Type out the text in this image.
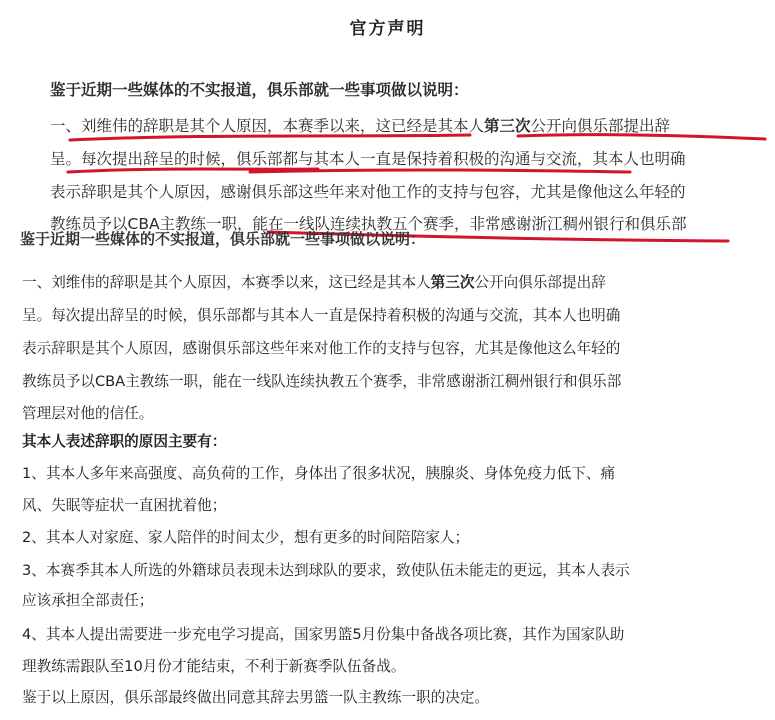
官方声明
鉴于近期一些媒体的不实报道，俱乐部就一些事项做以说明：
一、刘维伟的辞职是其个人原因，本赛季以来，这已经是其本人第三次公开向俱乐部提出辞
呈。每次提出辞呈的时候，俱乐部都与其本人一直是保持着积极的沟通与交流，其本人也明确
表示辞职是其个人原因，感谢俱乐部这些年来对他工作的支持与包容，尤其是像他这么年轻的
教练员予以CBA主教练一职，能在一线队连续执教五个赛季，非常感谢浙江稠州银行和俱乐部
鉴于近期一些媒体的不实报道，俱乐部就一些事项做以说明：
一、刘维伟的辞职是其个人原因，本赛季以来，这已经是其本人第三次公开向俱乐部提出辞
呈。每次提出辞呈的时候，俱乐部都与其本人一直是保持着积极的沟通与交流，其本人也明确
表示辞职是其个人原因，感谢俱乐部这些年来对他工作的支持与包容，尤其是像他这么年轻的
教练员予以CBA主教练一职，能在一线队连续执教五个赛季，非常感谢浙江稠州银行和俱乐部
管理层对他的信任。
其本人表述辞职的原因主要有：
1、其本人多年来高强度、高负荷的工作，身体出了很多状况，胰腺炎、身体免疫力低下、痛
风、失眠等症状一直困扰着他；
2、其本人对家庭、家人陪伴的时间太少，想有更多的时间陪陪家人；
3、本赛季其本人所选的外籍球员表现未达到球队的要求，致使队伍未能走的更远，其本人表示
应该承担全部责任；
4、其本人提出需要进一步充电学习提高，国家男篮5月份集中备战各项比赛，其作为国家队助
理教练需跟队至10月份才能结束，不利于新赛季队伍备战。
鉴于以上原因，俱乐部最终做出同意其辞去男篮一队主教练一职的决定。
